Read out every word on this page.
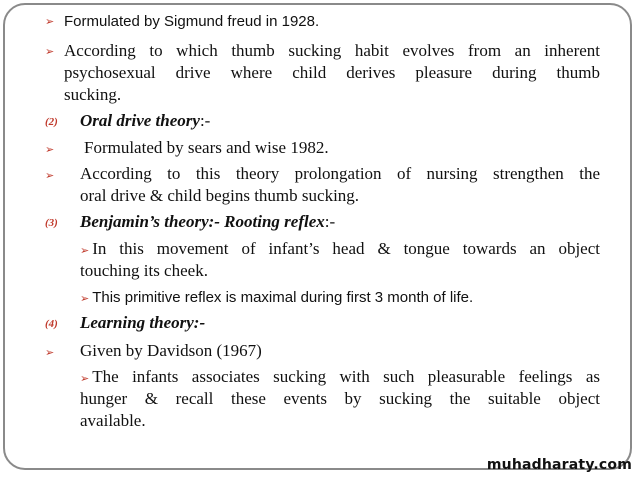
➢ Formulated by Sigmund freud in 1928.
➢ According to which thumb sucking habit evolves from an inherent
psychosexual drive where child derives pleasure during thumb
sucking.
(2) Oral drive theory:-
➢ Formulated by sears and wise 1982.
➢ According to this theory prolongation of nursing strengthen the
oral drive & child begins thumb sucking.
(3) Benjamin’s theory:- Rooting reflex:-
➢ In this movement of infant’s head & tongue towards an object
touching its cheek.
➢ This primitive reflex is maximal during first 3 month of life.
(4) Learning theory:-
➢ Given by Davidson (1967)
➢ The infants associates sucking with such pleasurable feelings as
hunger & recall these events by sucking the suitable object
available.
muhadharaty.com
